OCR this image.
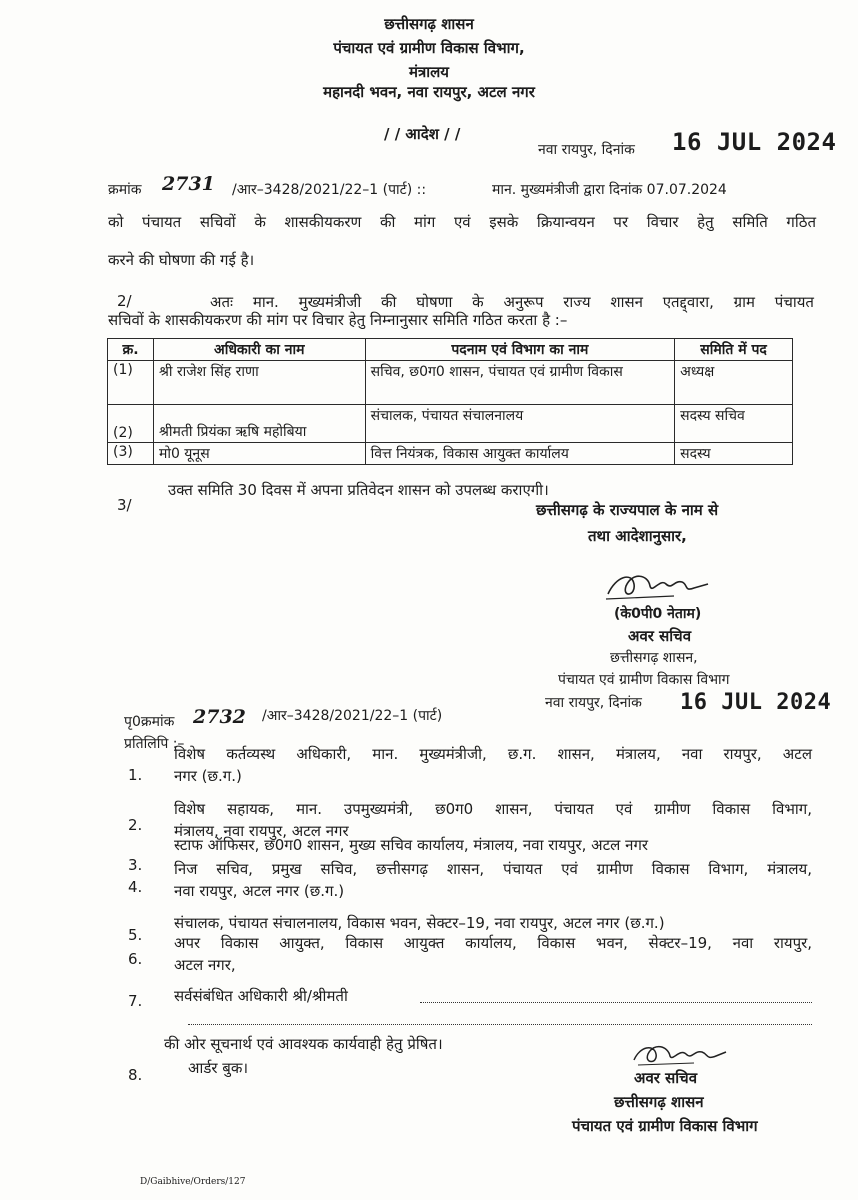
छत्तीसगढ़ शासन
पंचायत एवं ग्रामीण विकास विभाग,
मंत्रालय
महानदी भवन, नवा रायपुर, अटल नगर
/ / आदेश / /
नवा रायपुर, दिनांक 16 JUL 2024
क्रमांक 2731 /आर–3428/2021/22–1 (पार्ट) ::	मान. मुख्यमंत्रीजी द्वारा दिनांक 07.07.2024
को पंचायत सचिवों के शासकीयकरण की मांग एवं इसके क्रियान्वयन पर विचार हेतु समिति गठित
करने की घोषणा की गई है।
2/	अतः मान. मुख्यमंत्रीजी की घोषणा के अनुरूप राज्य शासन एतद्द्वारा, ग्राम पंचायत
सचिवों के शासकीयकरण की मांग पर विचार हेतु निम्नानुसार समिति गठित करता है :–
क्र.	अधिकारी का नाम	पदनाम एवं विभाग का नाम	समिति में पद
(1)	श्री राजेश सिंह राणा	सचिव, छ0ग0 शासन, पंचायत एवं ग्रामीण विकास	अध्यक्ष
(2)	श्रीमती प्रियंका ऋषि महोबिया	संचालक, पंचायत संचालनालय	सदस्य सचिव
(3)	मो0 यूनूस	वित्त नियंत्रक, विकास आयुक्त कार्यालय	सदस्य
3/
उक्त समिति 30 दिवस में अपना प्रतिवेदन शासन को उपलब्ध कराएगी।
छत्तीसगढ़ के राज्यपाल के नाम से
तथा आदेशानुसार,
(के0पी0 नेताम)
अवर सचिव
छत्तीसगढ़ शासन,
पंचायत एवं ग्रामीण विकास विभाग
नवा रायपुर, दिनांक 16 JUL 2024
पृ0क्रमांक 2732 /आर–3428/2021/22–1 (पार्ट)
प्रतिलिपि :–
1.
विशेष कर्तव्यस्थ अधिकारी, मान. मुख्यमंत्रीजी, छ.ग. शासन, मंत्रालय, नवा रायपुर, अटल
नगर (छ.ग.)
2.
विशेष सहायक, मान. उपमुख्यमंत्री, छ0ग0 शासन, पंचायत एवं ग्रामीण विकास विभाग,
मंत्रालय, नवा रायपुर, अटल नगर
3.
स्टाफ ऑफिसर, छ0ग0 शासन, मुख्य सचिव कार्यालय, मंत्रालय, नवा रायपुर, अटल नगर
4.
निज सचिव, प्रमुख सचिव, छत्तीसगढ़ शासन, पंचायत एवं ग्रामीण विकास विभाग, मंत्रालय,
नवा रायपुर, अटल नगर (छ.ग.)
5.
संचालक, पंचायत संचालनालय, विकास भवन, सेक्टर–19, नवा रायपुर, अटल नगर (छ.ग.)
6.
अपर विकास आयुक्त, विकास आयुक्त कार्यालय, विकास भवन, सेक्टर–19, नवा रायपुर,
अटल नगर,
7. सर्वसंबंधित अधिकारी श्री/श्रीमती
की ओर सूचनार्थ एवं आवश्यक कार्यवाही हेतु प्रेषित।
8.	आर्डर बुक।
अवर सचिव
छत्तीसगढ़ शासन
पंचायत एवं ग्रामीण विकास विभाग
D/Gaibhive/Orders/127
